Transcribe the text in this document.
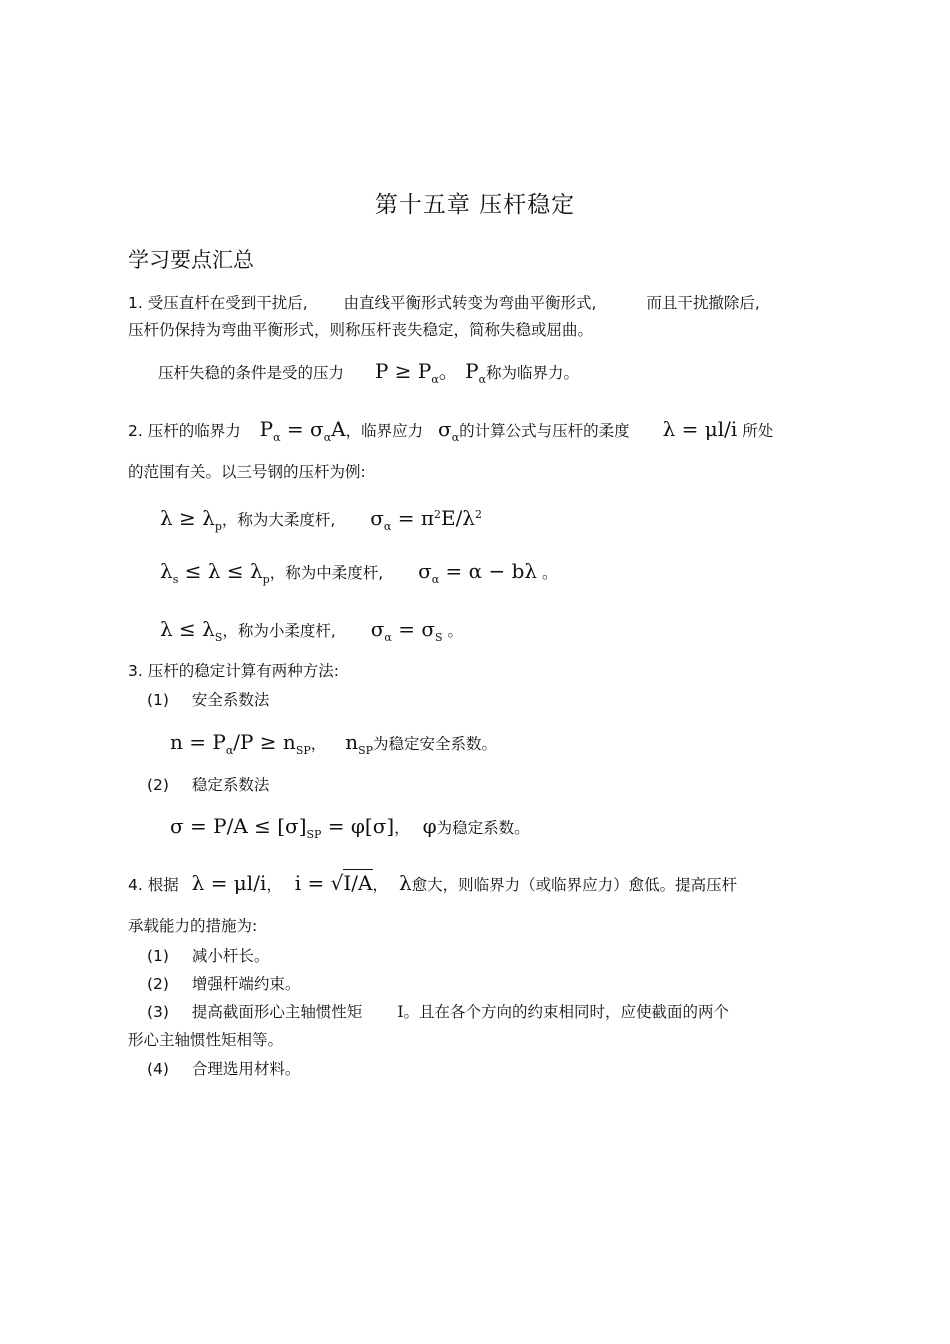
第十五章 压杆稳定
学习要点汇总
1. 受压直杆在受到干扰后, 由直线平衡形式转变为弯曲平衡形式,	而且干扰撤除后,
压杆仍保持为弯曲平衡形式，则称压杆丧失稳定，简称失稳或屈曲。
压杆失稳的条件是受的压力 $P \ge P_\alpha$。 $P_\alpha$称为临界力。
2. 压杆的临界力 $P_\alpha = \sigma_\alpha A$，临界应力 $\sigma_\alpha$的计算公式与压杆的柔度 λ = μl/i 所处
的范围有关。以三号钢的压杆为例:
$\lambda \ge \lambda_p$，称为大柔度杆, $\sigma_\alpha = \pi^2E/\lambda^2$
$\lambda_s \le \lambda \le \lambda_p$，称为中柔度杆, $\sigma_\alpha = \alpha - b\lambda$ 。
$\lambda \le \lambda_S$，称为小柔度杆, $\sigma_\alpha = \sigma_S$ 。
3. 压杆的稳定计算有两种方法:
(1) 安全系数法
$n = P_\alpha/P \ge n_{SP}$， $n_{SP}$为稳定安全系数。
(2) 稳定系数法
$\sigma = P/A \le [\sigma]_{SP} = \varphi[\sigma]$， φ为稳定系数。
4. 根据 λ = μl/i， i = √I/A， λ愈大，则临界力（或临界应力）愈低。提高压杆
承载能力的措施为:
(1) 减小杆长。
(2) 增强杆端约束。
(3) 提高截面形心主轴惯性矩 I。且在各个方向的约束相同时，应使截面的两个
形心主轴惯性矩相等。
(4) 合理选用材料。
